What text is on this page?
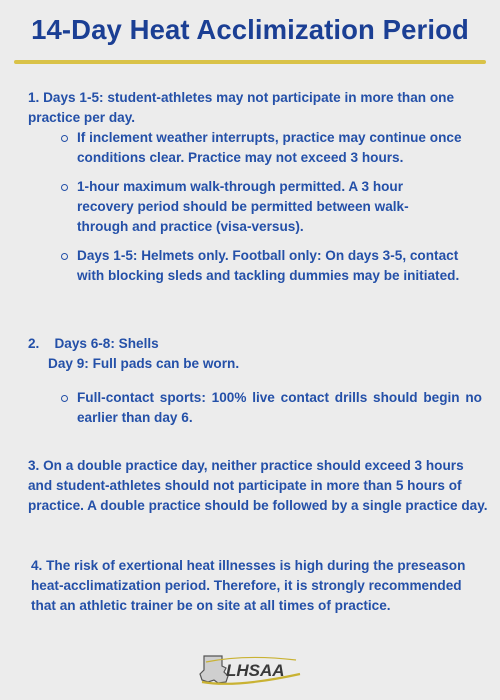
14-Day Heat Acclimization Period
1. Days 1-5: student-athletes may not participate in more than one practice per day.
If inclement weather interrupts, practice may continue once conditions clear. Practice may not exceed 3 hours.
1-hour maximum walk-through permitted. A 3 hour recovery period should be permitted between walk-through and practice (visa-versus).
Days 1-5: Helmets only. Football only: On days 3-5, contact with blocking sleds and tackling dummies may be initiated.
2.    Days 6-8: Shells
Day 9: Full pads can be worn.
Full-contact sports: 100% live contact drills should begin no earlier than day 6.
3. On a double practice day, neither practice should exceed 3 hours and student-athletes should not participate in more than 5 hours of practice. A double practice should be followed by a single practice day.
4. The risk of exertional heat illnesses is high during the preseason heat-acclimatization period. Therefore, it is strongly recommended that an athletic trainer be on site at all times of practice.
LHSAA
